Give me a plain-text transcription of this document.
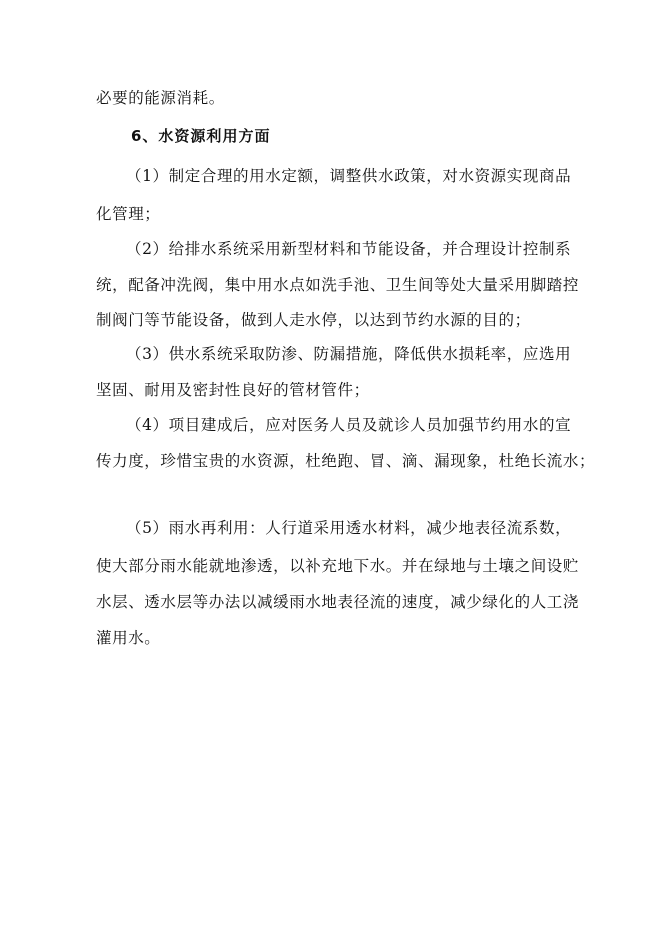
必要的能源消耗。
6、水资源利用方面
（1）制定合理的用水定额，调整供水政策，对水资源实现商品
化管理；
（2）给排水系统采用新型材料和节能设备，并合理设计控制系
统，配备冲洗阀，集中用水点如洗手池、卫生间等处大量采用脚踏控
制阀门等节能设备，做到人走水停，以达到节约水源的目的；
（3）供水系统采取防渗、防漏措施，降低供水损耗率，应选用
坚固、耐用及密封性良好的管材管件；
（4）项目建成后，应对医务人员及就诊人员加强节约用水的宣
传力度，珍惜宝贵的水资源，杜绝跑、冒、滴、漏现象，杜绝长流水；
（5）雨水再利用：人行道采用透水材料，减少地表径流系数，
使大部分雨水能就地渗透，以补充地下水。并在绿地与土壤之间设贮
水层、透水层等办法以减缓雨水地表径流的速度，减少绿化的人工浇
灌用水。
